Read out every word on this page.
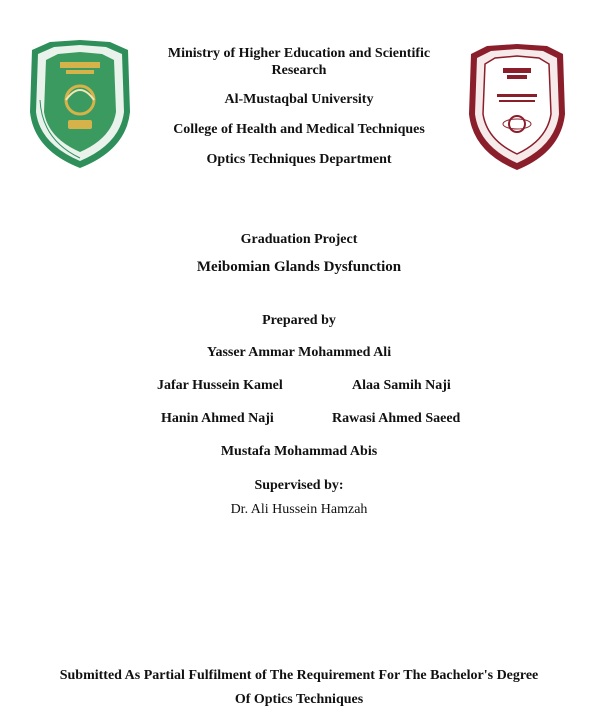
Ministry of Higher Education and Scientific
Research
Al-Mustaqbal University
College of Health and Medical Techniques
Optics Techniques Department
Graduation Project
Meibomian Glands Dysfunction
Prepared by
Yasser Ammar Mohammed Ali
Jafar Hussein Kamel	Alaa Samih Naji
Hanin Ahmed Naji	Rawasi Ahmed Saeed
Mustafa Mohammad Abis
Supervised by:
Dr. Ali Hussein Hamzah
Submitted As Partial Fulfilment of The Requirement For The Bachelor's Degree
Of Optics Techniques
